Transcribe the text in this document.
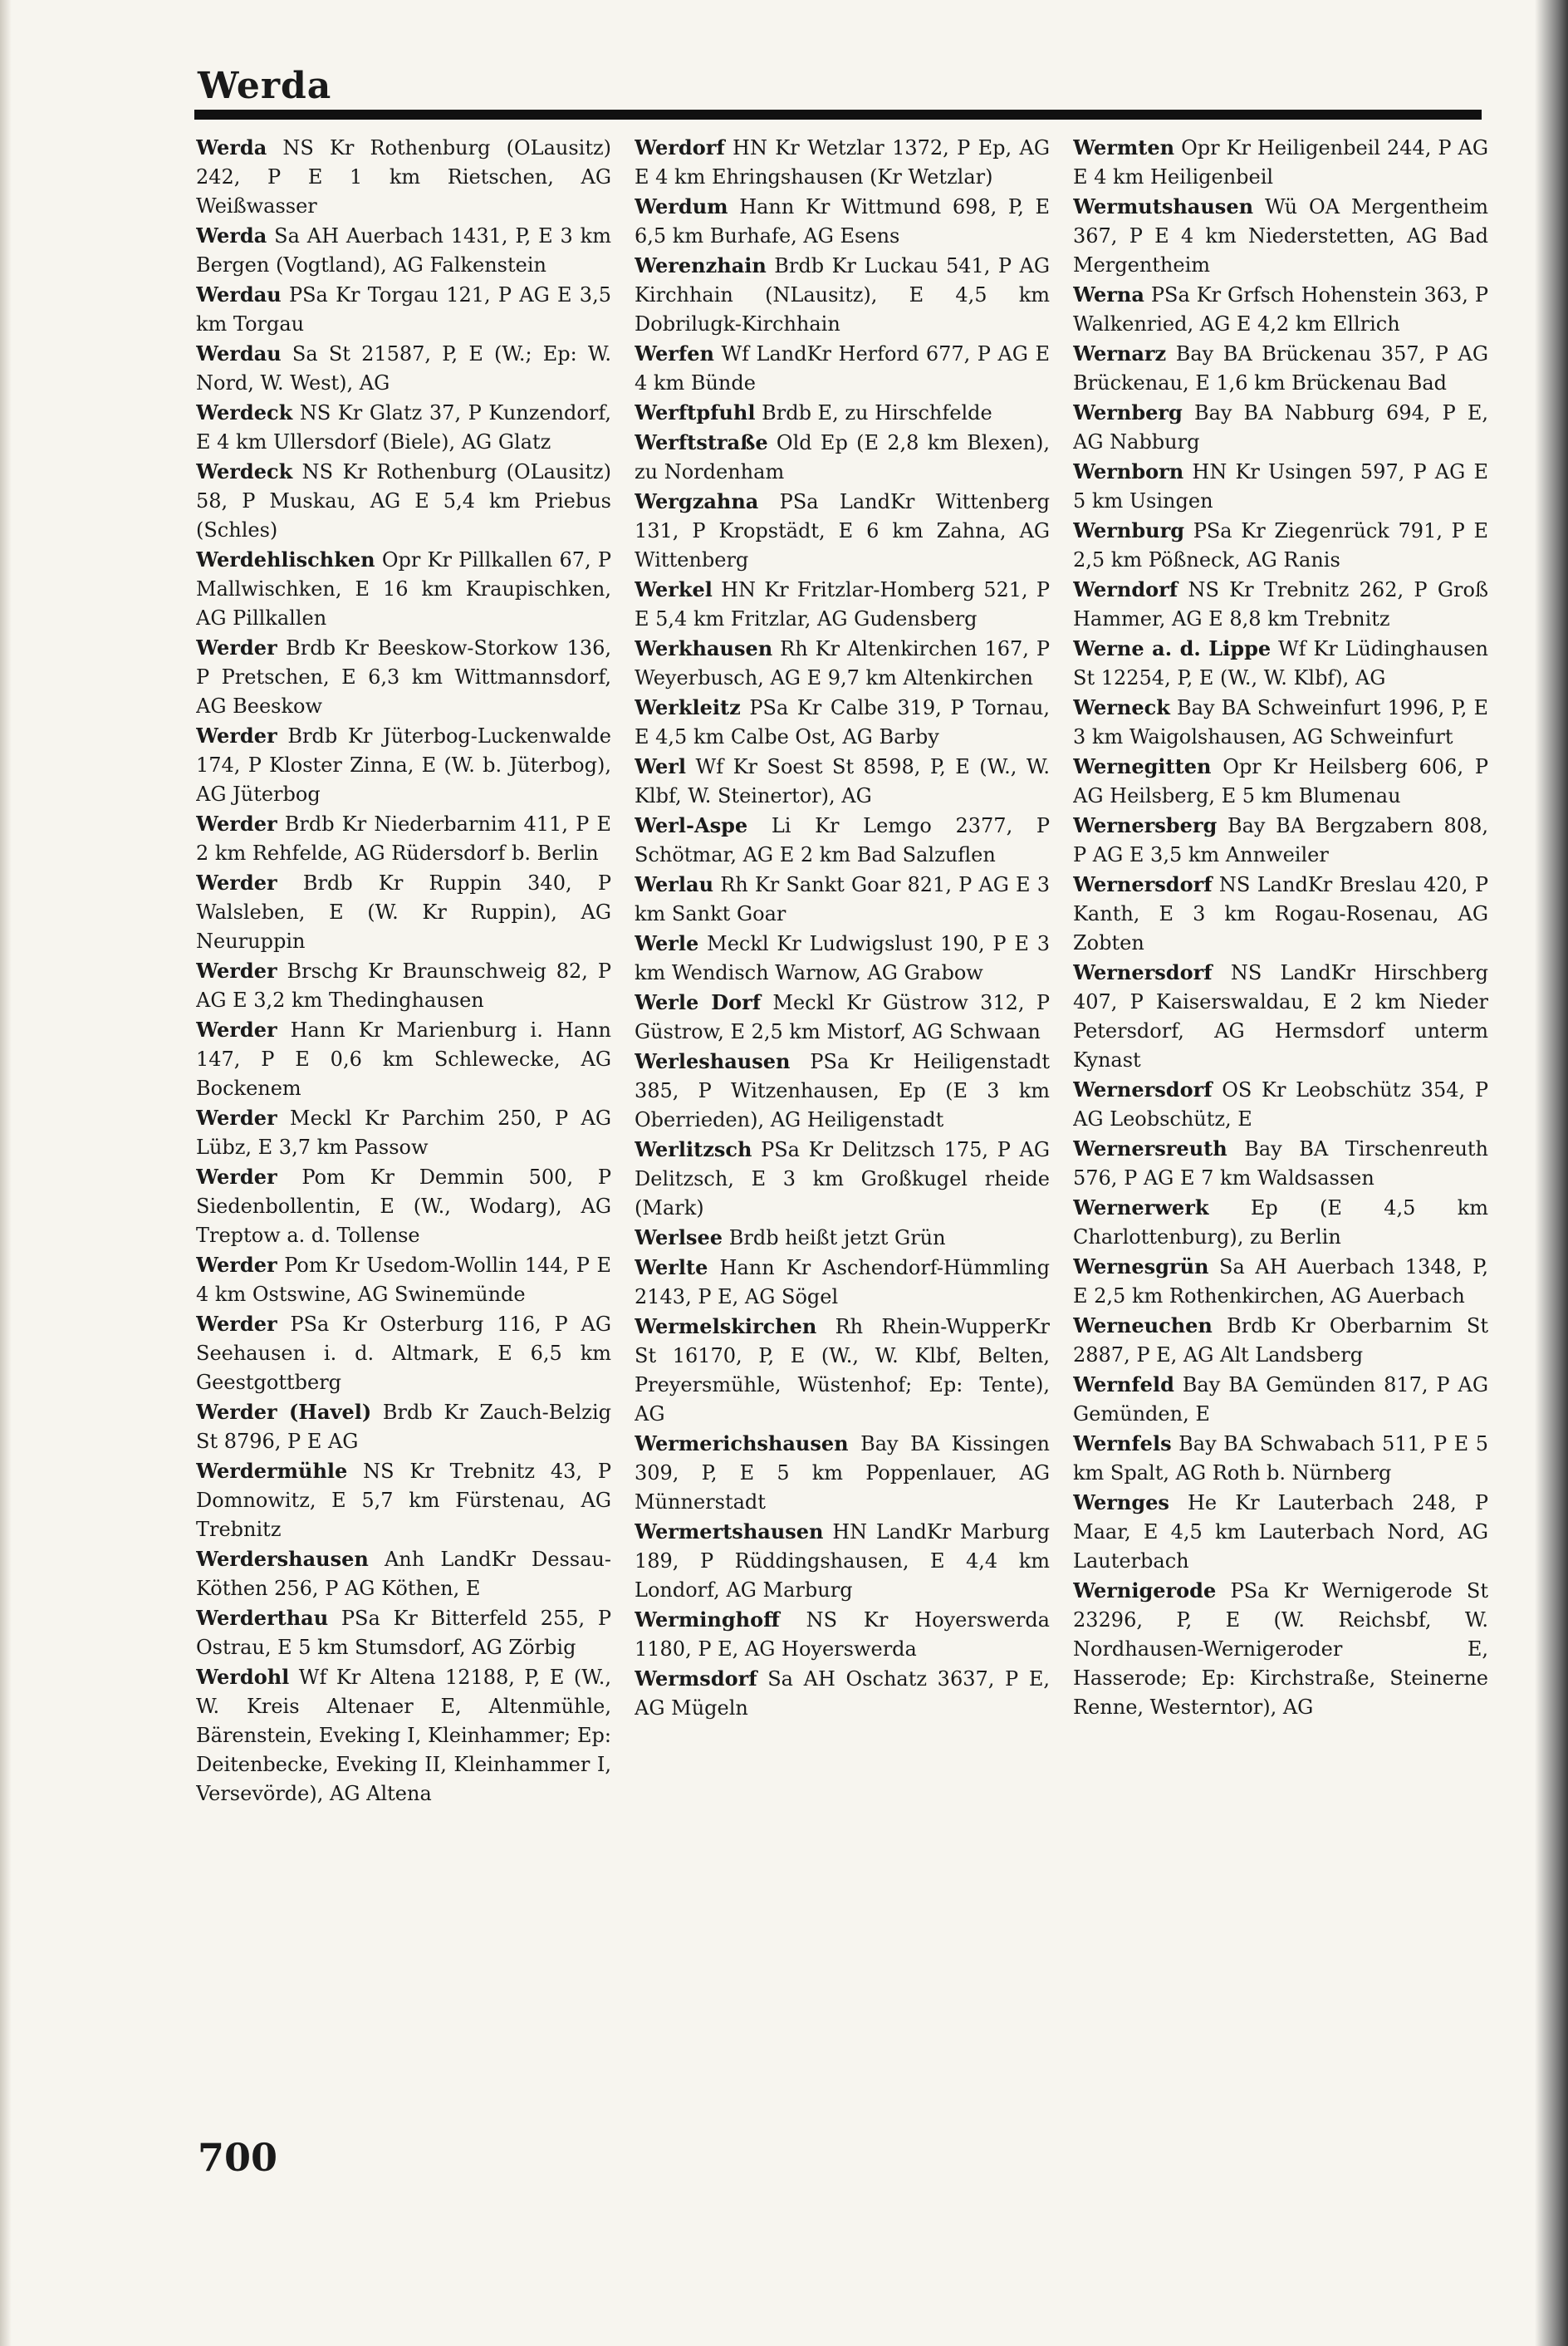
Werda
Werda NS Kr Rothenburg (OLausitz) 242, P E 1 km Rietschen, AG Weißwasser
Werda Sa AH Auerbach 1431, P, E 3 km Bergen (Vogtland), AG Falkenstein
Werdau PSa Kr Torgau 121, P AG E 3,5 km Torgau
Werdau Sa St 21587, P, E (W.; Ep: W. Nord, W. West), AG
Werdeck NS Kr Glatz 37, P Kunzendorf, E 4 km Ullersdorf (Biele), AG Glatz
Werdeck NS Kr Rothenburg (OLausitz) 58, P Muskau, AG E 5,4 km Priebus (Schles)
Werdehlischken Opr Kr Pillkallen 67, P Mallwischken, E 16 km Kraupischken, AG Pillkallen
Werder Brdb Kr Beeskow-Storkow 136, P Pretschen, E 6,3 km Wittmannsdorf, AG Beeskow
Werder Brdb Kr Jüterbog-Luckenwalde 174, P Kloster Zinna, E (W. b. Jüterbog), AG Jüterbog
Werder Brdb Kr Niederbarnim 411, P E 2 km Rehfelde, AG Rüdersdorf b. Berlin
Werder Brdb Kr Ruppin 340, P Walsleben, E (W. Kr Ruppin), AG Neuruppin
Werder Brschg Kr Braunschweig 82, P AG E 3,2 km Thedinghausen
Werder Hann Kr Marienburg i. Hann 147, P E 0,6 km Schlewecke, AG Bockenem
Werder Meckl Kr Parchim 250, P AG Lübz, E 3,7 km Passow
Werder Pom Kr Demmin 500, P Siedenbollentin, E (W., Wodarg), AG Treptow a. d. Tollense
Werder Pom Kr Usedom-Wollin 144, P E 4 km Ostswine, AG Swinemünde
Werder PSa Kr Osterburg 116, P AG Seehausen i. d. Altmark, E 6,5 km Geestgottberg
Werder (Havel) Brdb Kr Zauch-Belzig St 8796, P E AG
Werdermühle NS Kr Trebnitz 43, P Domnowitz, E 5,7 km Fürstenau, AG Trebnitz
Werdershausen Anh LandKr Dessau-Köthen 256, P AG Köthen, E
Werderthau PSa Kr Bitterfeld 255, P Ostrau, E 5 km Stumsdorf, AG Zörbig
Werdohl Wf Kr Altena 12188, P, E (W., W. Kreis Altenaer E, Altenmühle, Bärenstein, Eveking I, Kleinhammer; Ep: Deitenbecke, Eveking II, Kleinhammer I, Versevörde), AG Altena
Werdorf HN Kr Wetzlar 1372, P Ep, AG E 4 km Ehringshausen (Kr Wetzlar)
Werdum Hann Kr Wittmund 698, P, E 6,5 km Burhafe, AG Esens
Werenzhain Brdb Kr Luckau 541, P AG Kirchhain (NLausitz), E 4,5 km Dobrilugk-Kirchhain
Werfen Wf LandKr Herford 677, P AG E 4 km Bünde
Werftpfuhl Brdb E, zu Hirschfelde
Werftstraße Old Ep (E 2,8 km Blexen), zu Nordenham
Wergzahna PSa LandKr Wittenberg 131, P Kropstädt, E 6 km Zahna, AG Wittenberg
Werkel HN Kr Fritzlar-Homberg 521, P E 5,4 km Fritzlar, AG Gudensberg
Werkhausen Rh Kr Altenkirchen 167, P Weyerbusch, AG E 9,7 km Altenkirchen
Werkleitz PSa Kr Calbe 319, P Tornau, E 4,5 km Calbe Ost, AG Barby
Werl Wf Kr Soest St 8598, P, E (W., W. Klbf, W. Steinertor), AG
Werl-Aspe Li Kr Lemgo 2377, P Schötmar, AG E 2 km Bad Salzuflen
Werlau Rh Kr Sankt Goar 821, P AG E 3 km Sankt Goar
Werle Meckl Kr Ludwigslust 190, P E 3 km Wendisch Warnow, AG Grabow
Werle Dorf Meckl Kr Güstrow 312, P Güstrow, E 2,5 km Mistorf, AG Schwaan
Werleshausen PSa Kr Heiligenstadt 385, P Witzenhausen, Ep (E 3 km Oberrieden), AG Heiligenstadt
Werlitzsch PSa Kr Delitzsch 175, P AG Delitzsch, E 3 km Großkugel rheide (Mark)
Werlsee Brdb heißt jetzt Grün
Werlte Hann Kr Aschendorf-Hümmling 2143, P E, AG Sögel
Wermelskirchen Rh Rhein-WupperKr St 16170, P, E (W., W. Klbf, Belten, Preyersmühle, Wüstenhof; Ep: Tente), AG
Wermerichshausen Bay BA Kissingen 309, P, E 5 km Poppenlauer, AG Münnerstadt
Wermertshausen HN LandKr Marburg 189, P Rüddingshausen, E 4,4 km Londorf, AG Marburg
Werminghoff NS Kr Hoyerswerda 1180, P E, AG Hoyerswerda
Wermsdorf Sa AH Oschatz 3637, P E, AG Mügeln
Wermten Opr Kr Heiligenbeil 244, P AG E 4 km Heiligenbeil
Wermutshausen Wü OA Mergentheim 367, P E 4 km Niederstetten, AG Bad Mergentheim
Werna PSa Kr Grfsch Hohenstein 363, P Walkenried, AG E 4,2 km Ellrich
Wernarz Bay BA Brückenau 357, P AG Brückenau, E 1,6 km Brückenau Bad
Wernberg Bay BA Nabburg 694, P E, AG Nabburg
Wernborn HN Kr Usingen 597, P AG E 5 km Usingen
Wernburg PSa Kr Ziegenrück 791, P E 2,5 km Pößneck, AG Ranis
Werndorf NS Kr Trebnitz 262, P Groß Hammer, AG E 8,8 km Trebnitz
Werne a. d. Lippe Wf Kr Lüdinghausen St 12254, P, E (W., W. Klbf), AG
Werneck Bay BA Schweinfurt 1996, P, E 3 km Waigolshausen, AG Schweinfurt
Wernegitten Opr Kr Heilsberg 606, P AG Heilsberg, E 5 km Blumenau
Wernersberg Bay BA Bergzabern 808, P AG E 3,5 km Annweiler
Wernersdorf NS LandKr Breslau 420, P Kanth, E 3 km Rogau-Rosenau, AG Zobten
Wernersdorf NS LandKr Hirschberg 407, P Kaiserswaldau, E 2 km Nieder Petersdorf, AG Hermsdorf unterm Kynast
Wernersdorf OS Kr Leobschütz 354, P AG Leobschütz, E
Wernersreuth Bay BA Tirschenreuth 576, P AG E 7 km Waldsassen
Wernerwerk Ep (E 4,5 km Charlottenburg), zu Berlin
Wernesgrün Sa AH Auerbach 1348, P, E 2,5 km Rothenkirchen, AG Auerbach
Werneuchen Brdb Kr Oberbarnim St 2887, P E, AG Alt Landsberg
Wernfeld Bay BA Gemünden 817, P AG Gemünden, E
Wernfels Bay BA Schwabach 511, P E 5 km Spalt, AG Roth b. Nürnberg
Wernges He Kr Lauterbach 248, P Maar, E 4,5 km Lauterbach Nord, AG Lauterbach
Wernigerode PSa Kr Wernigerode St 23296, P, E (W. Reichsbf, W. Nordhausen-Wernigeroder E, Hasserode; Ep: Kirchstraße, Steinerne Renne, Westerntor), AG
700
